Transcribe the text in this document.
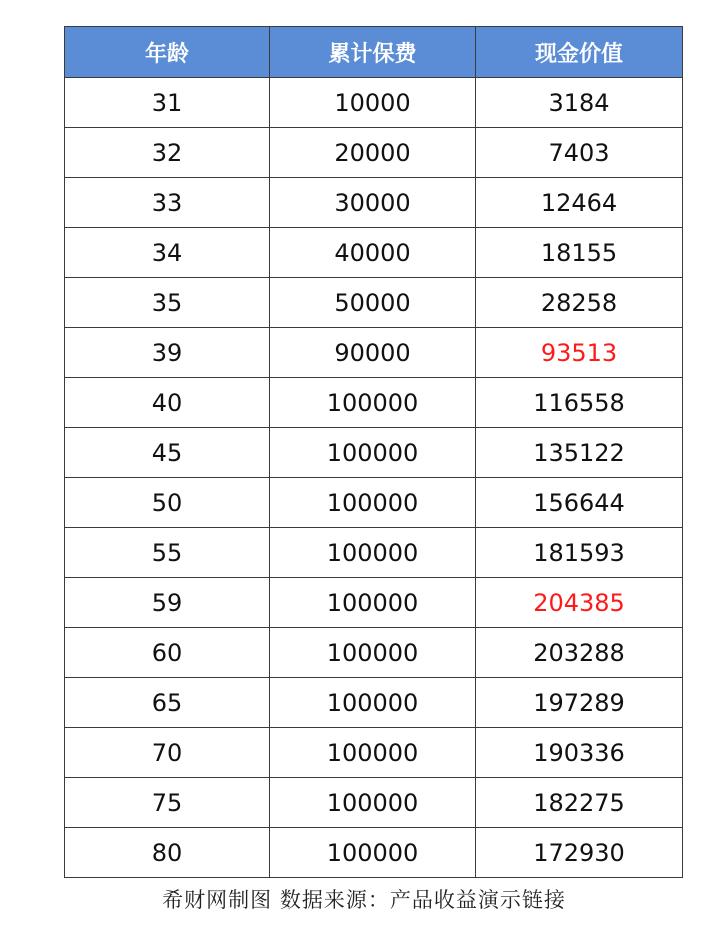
年龄	累计保费	现金价值
31	10000	3184
32	20000	7403
33	30000	12464
34	40000	18155
35	50000	28258
39	90000	93513
40	100000	116558
45	100000	135122
50	100000	156644
55	100000	181593
59	100000	204385
60	100000	203288
65	100000	197289
70	100000	190336
75	100000	182275
80	100000	172930
希财网制图 数据来源：产品收益演示链接
